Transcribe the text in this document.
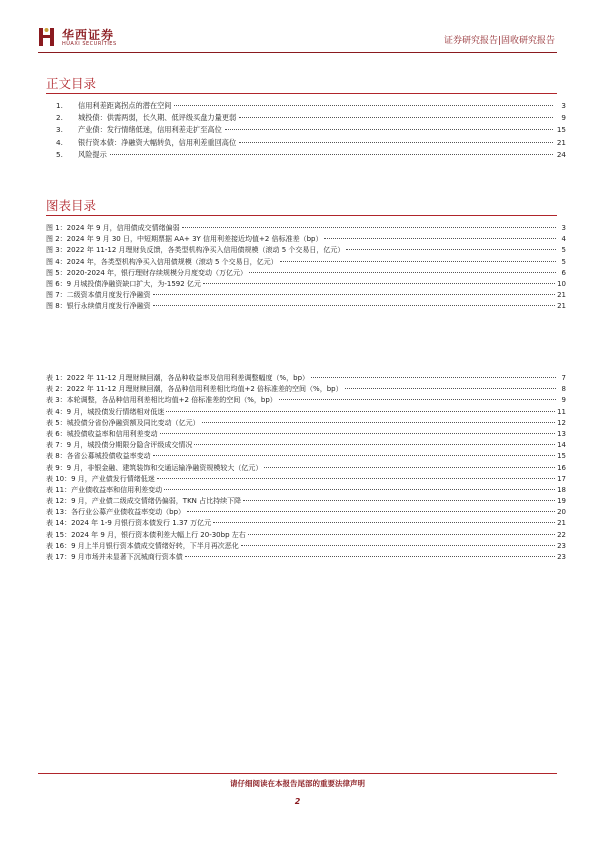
华西证券
HUAXI SECURITIES	证券研究报告|固收研究报告
正文目录
1.	信用利差距离拐点的潜在空间	3
2.	城投债：供需两弱，长久期、低评级买盘力量更弱	9
3.	产业债：发行情绪低迷，信用利差走扩至高位	15
4.	银行资本债：净融资大幅转负，信用利差重回高位	21
5.	风险提示	24
图表目录
图 1：2024 年 9 月，信用债成交情绪偏弱	3
图 2：2024 年 9 月 30 日，中短期票据 AA+ 3Y 信用利差接近均值+2 倍标准差（bp）	4
图 3：2022 年 11-12 月理财负反馈，各类型机构净买入信用债规模（滚动 5 个交易日，亿元）	5
图 4：2024 年，各类型机构净买入信用债规模（滚动 5 个交易日，亿元）	5
图 5：2020-2024 年，银行理财存续规模分月度变动（万亿元）	6
图 6：9 月城投债净融资缺口扩大，为-1592 亿元	10
图 7：二级资本债月度发行净融资	21
图 8：银行永续债月度发行净融资	21
表 1：2022 年 11-12 月理财赎回潮，各品种收益率及信用利差调整幅度（%，bp）	7
表 2：2022 年 11-12 月理财赎回潮，各品种信用利差相比均值+2 倍标准差的空间（%，bp）	8
表 3：本轮调整，各品种信用利差相比均值+2 倍标准差的空间（%，bp）	9
表 4：9 月，城投债发行情绪相对低迷	11
表 5：城投债分省份净融资额及同比变动（亿元）	12
表 6：城投债收益率和信用利差变动	13
表 7：9 月，城投债分期限分隐含评级成交情况	14
表 8：各省公募城投债收益率变动	15
表 9：9 月，非银金融、建筑装饰和交通运输净融资规模较大（亿元）	16
表 10：9 月，产业债发行情绪低迷	17
表 11：产业债收益率和信用利差变动	18
表 12：9 月，产业债二级成交情绪仍偏弱，TKN 占比持续下降	19
表 13：各行业公募产业债收益率变动（bp）	20
表 14：2024 年 1-9 月银行资本债发行 1.37 万亿元	21
表 15：2024 年 9 月，银行资本债利差大幅上行 20-30bp 左右	22
表 16：9 月上半月银行资本债成交情绪好转，下半月再次恶化	23
表 17：9 月市场并未显著下沉城商行资本债	23
请仔细阅读在本报告尾部的重要法律声明
2
